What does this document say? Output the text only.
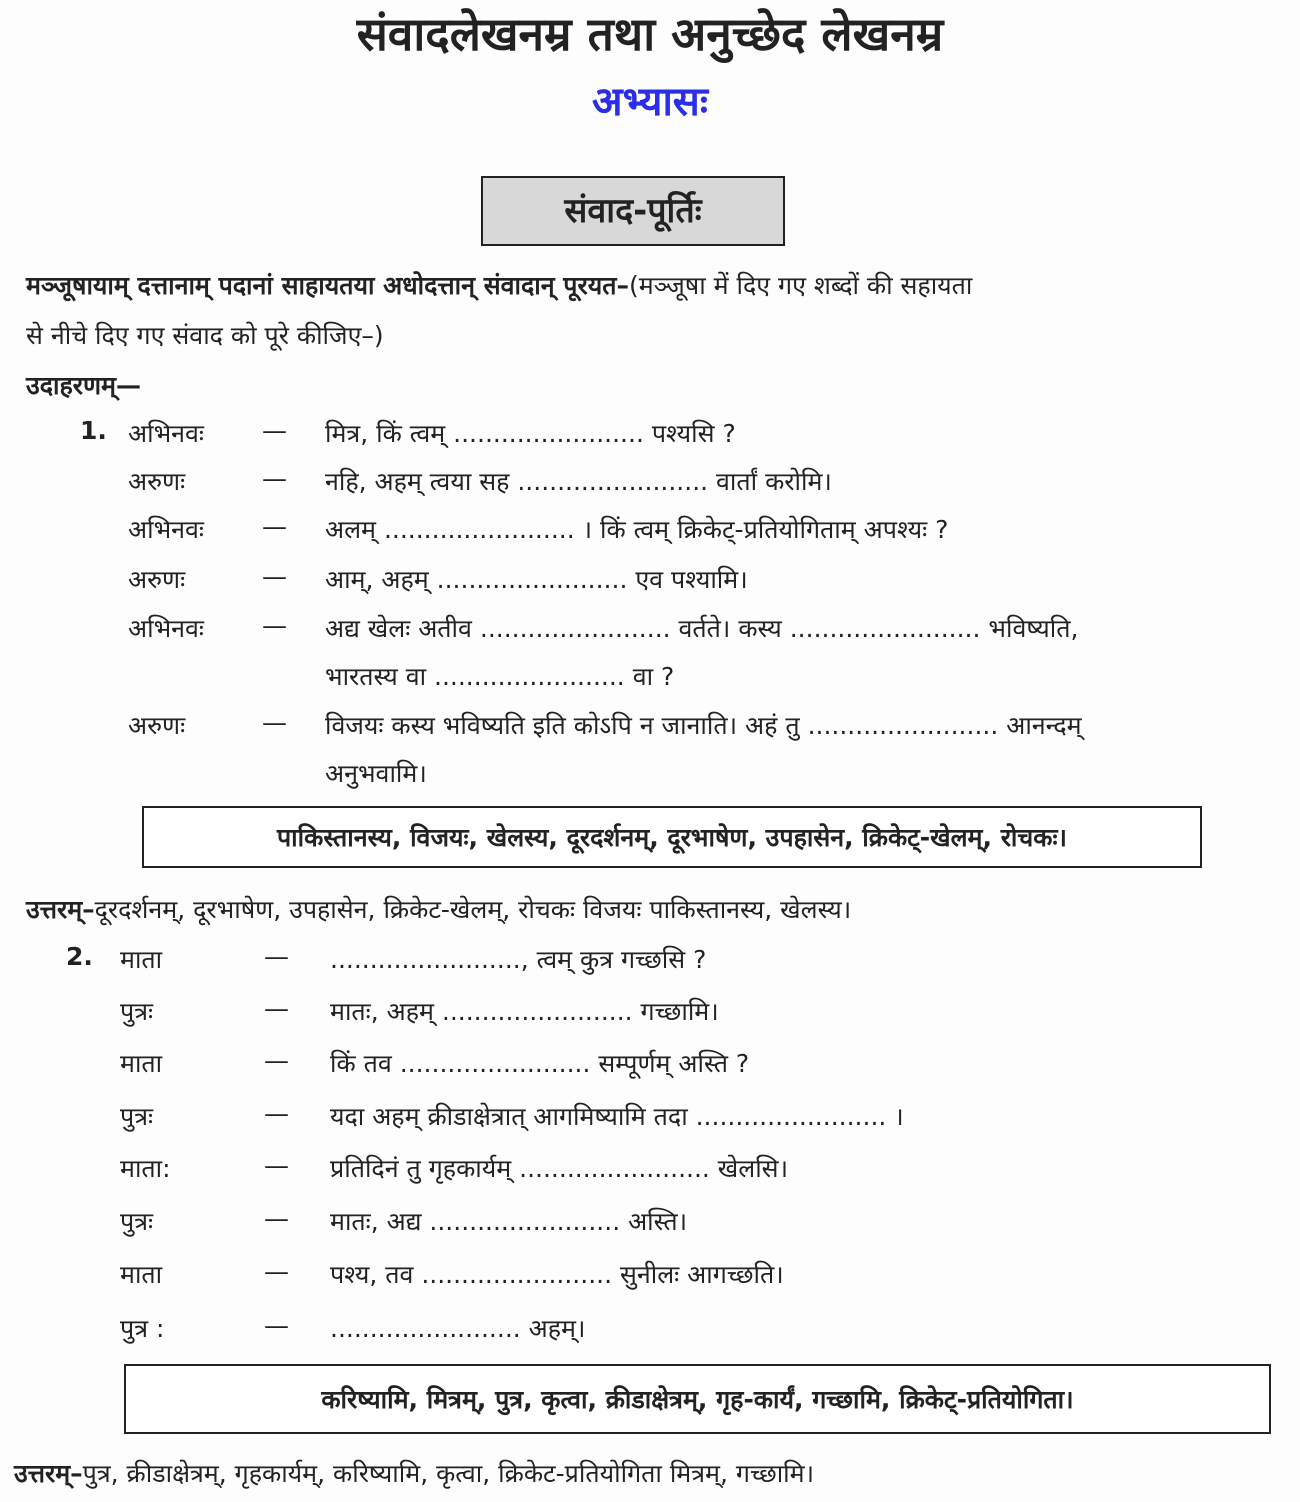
संवादलेखनम्र तथा अनुच्छेद लेखनम्र
अभ्यासः
संवाद-पूर्तिः
मञ्जूषायाम् दत्तानाम् पदानां साहायतया अधोदत्तान् संवादान् पूरयत–(मञ्जूषा में दिए गए शब्दों की सहायता
से नीचे दिए गए संवाद को पूरे कीजिए–)
उदाहरणम्—
1. अभिनवः — मित्र, किं त्वम् ........................ पश्यसि ?
अरुणः	— नहि, अहम् त्वया सह ........................ वार्तां करोमि।
अभिनवः — अलम् ........................ । किं त्वम् क्रिकेट्-प्रतियोगिताम् अपश्यः ?
अरुणः	— आम्, अहम् ........................ एव पश्यामि।
अभिनवः — अद्य खेलः अतीव ........................ वर्तते। कस्य ........................ भविष्यति,
भारतस्य वा ........................ वा ?
अरुणः	— विजयः कस्य भविष्यति इति कोऽपि न जानाति। अहं तु ........................ आनन्दम्
अनुभवामि।
पाकिस्तानस्य, विजयः, खेलस्य, दूरदर्शनम्, दूरभाषेण, उपहासेन, क्रिकेट्-खेलम्, रोचकः।
उत्तरम्–दूरदर्शनम्, दूरभाषेण, उपहासेन, क्रिकेट-खेलम्, रोचकः विजयः पाकिस्तानस्य, खेलस्य।
2. माता	— ........................, त्वम् कुत्र गच्छसि ?
पुत्रः	— मातः, अहम् ........................ गच्छामि।
माता	— किं तव ........................ सम्पूर्णम् अस्ति ?
पुत्रः	— यदा अहम् क्रीडाक्षेत्रात् आगमिष्यामि तदा ........................ ।
माता:	— प्रतिदिनं तु गृहकार्यम् ........................ खेलसि।
पुत्रः	— मातः, अद्य ........................ अस्ति।
माता	— पश्य, तव ........................ सुनीलः आगच्छति।
पुत्र :	— ........................ अहम्।
करिष्यामि, मित्रम्, पुत्र, कृत्वा, क्रीडाक्षेत्रम्, गृह-कार्यं, गच्छामि, क्रिकेट्-प्रतियोगिता।
उत्तरम्–पुत्र, क्रीडाक्षेत्रम्, गृहकार्यम्, करिष्यामि, कृत्वा, क्रिकेट-प्रतियोगिता मित्रम्, गच्छामि।
